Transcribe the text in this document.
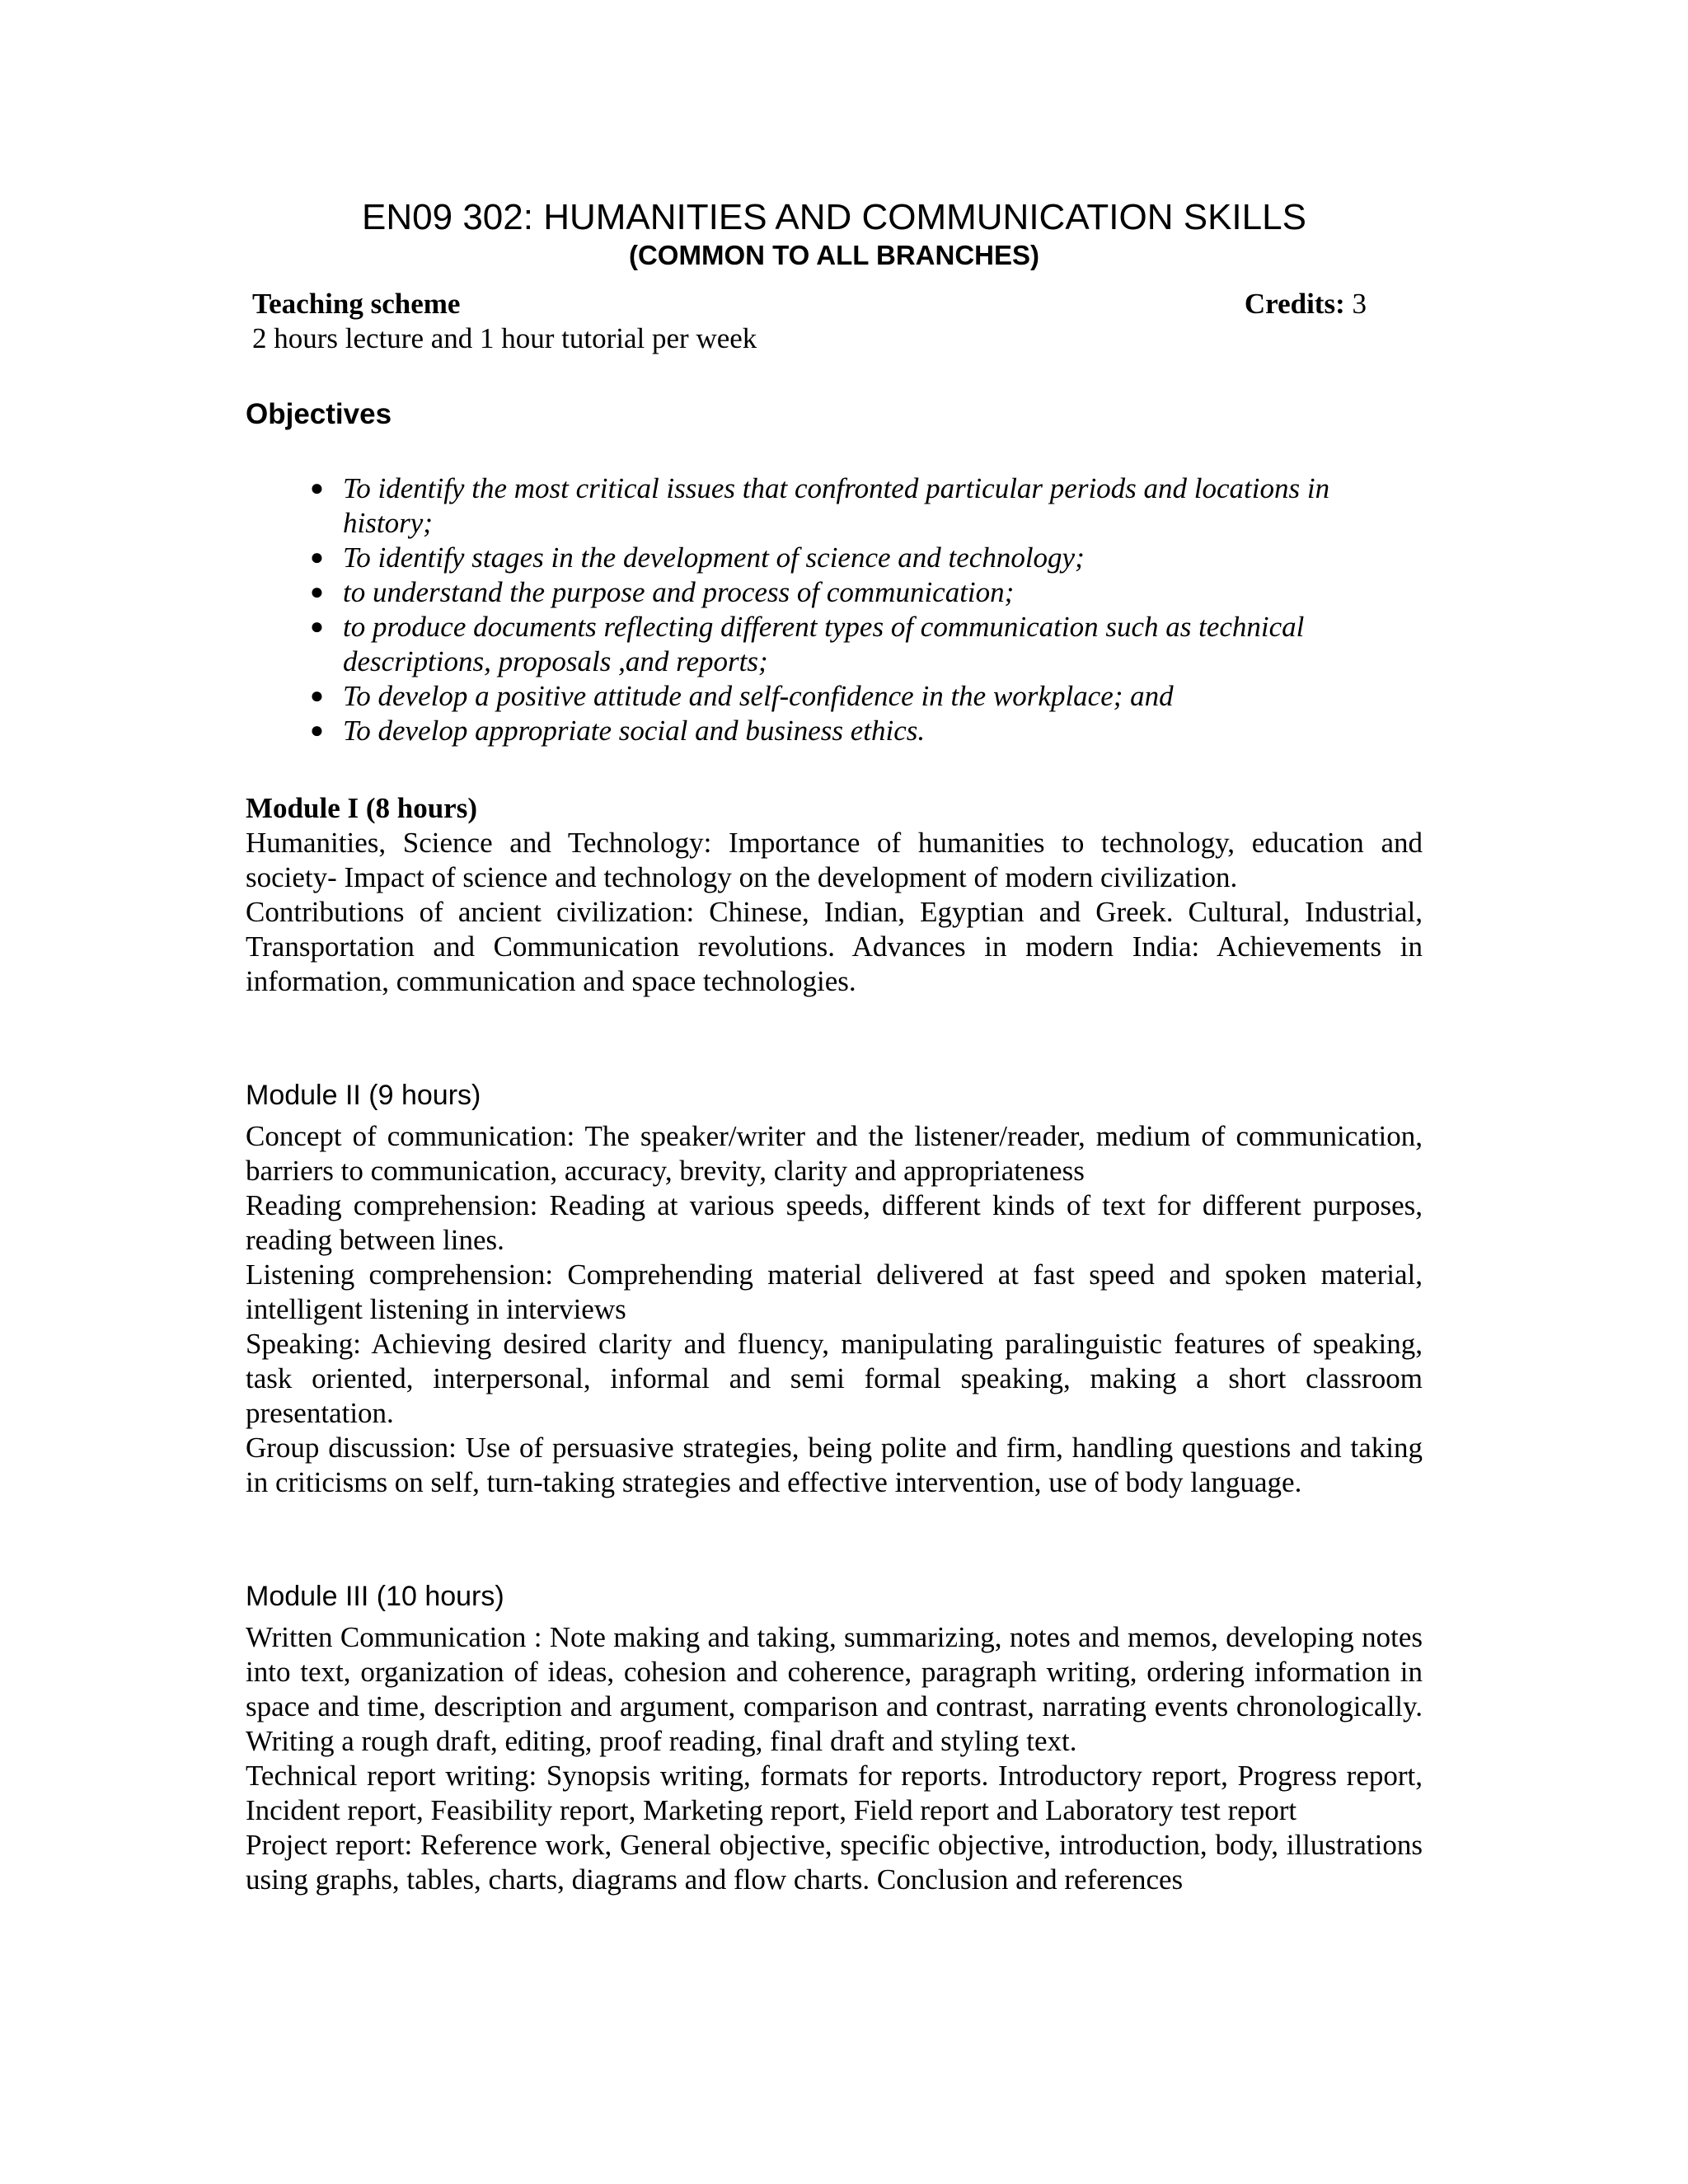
EN09 302: HUMANITIES AND COMMUNICATION SKILLS
(COMMON TO ALL BRANCHES)
Teaching scheme	Credits: 3
2 hours lecture and 1 hour tutorial per week
Objectives
● To identify the most critical issues that confronted particular periods and locations in history;
● To identify stages in the development of science and technology;
● to understand the purpose and process of communication;
● to produce documents reflecting different types of communication such as technical descriptions, proposals ,and reports;
● To develop a positive attitude and self-confidence in the workplace; and
● To develop appropriate social and business ethics.
Module I (8 hours)

Humanities, Science and Technology: Importance of humanities to technology, education and society- Impact of science and technology on the development of modern civilization.

Contributions of ancient civilization: Chinese, Indian, Egyptian and Greek. Cultural, Industrial, Transportation and Communication revolutions. Advances in modern India: Achievements in information, communication and space technologies.

Module II (9 hours)

Concept of communication: The speaker/writer and the listener/reader, medium of communication, barriers to communication, accuracy, brevity, clarity and appropriateness

Reading comprehension: Reading at various speeds, different kinds of text for different purposes, reading between lines.

Listening comprehension: Comprehending material delivered at fast speed and spoken material, intelligent listening in interviews

Speaking: Achieving desired clarity and fluency, manipulating paralinguistic features of speaking, task oriented, interpersonal, informal and semi formal speaking, making a short classroom presentation.

Group discussion: Use of persuasive strategies, being polite and firm, handling questions and taking in criticisms on self, turn-taking strategies and effective intervention, use of body language.

Module III (10 hours)

Written Communication : Note making and taking, summarizing, notes and memos, developing notes into text, organization of ideas, cohesion and coherence, paragraph writing, ordering information in space and time, description and argument, comparison and contrast, narrating events chronologically. Writing a rough draft, editing, proof reading, final draft and styling text.

Technical report writing: Synopsis writing, formats for reports. Introductory report, Progress report, Incident report, Feasibility report, Marketing report, Field report and Laboratory test report

Project report: Reference work, General objective, specific objective, introduction, body, illustrations using graphs, tables, charts, diagrams and flow charts. Conclusion and references
